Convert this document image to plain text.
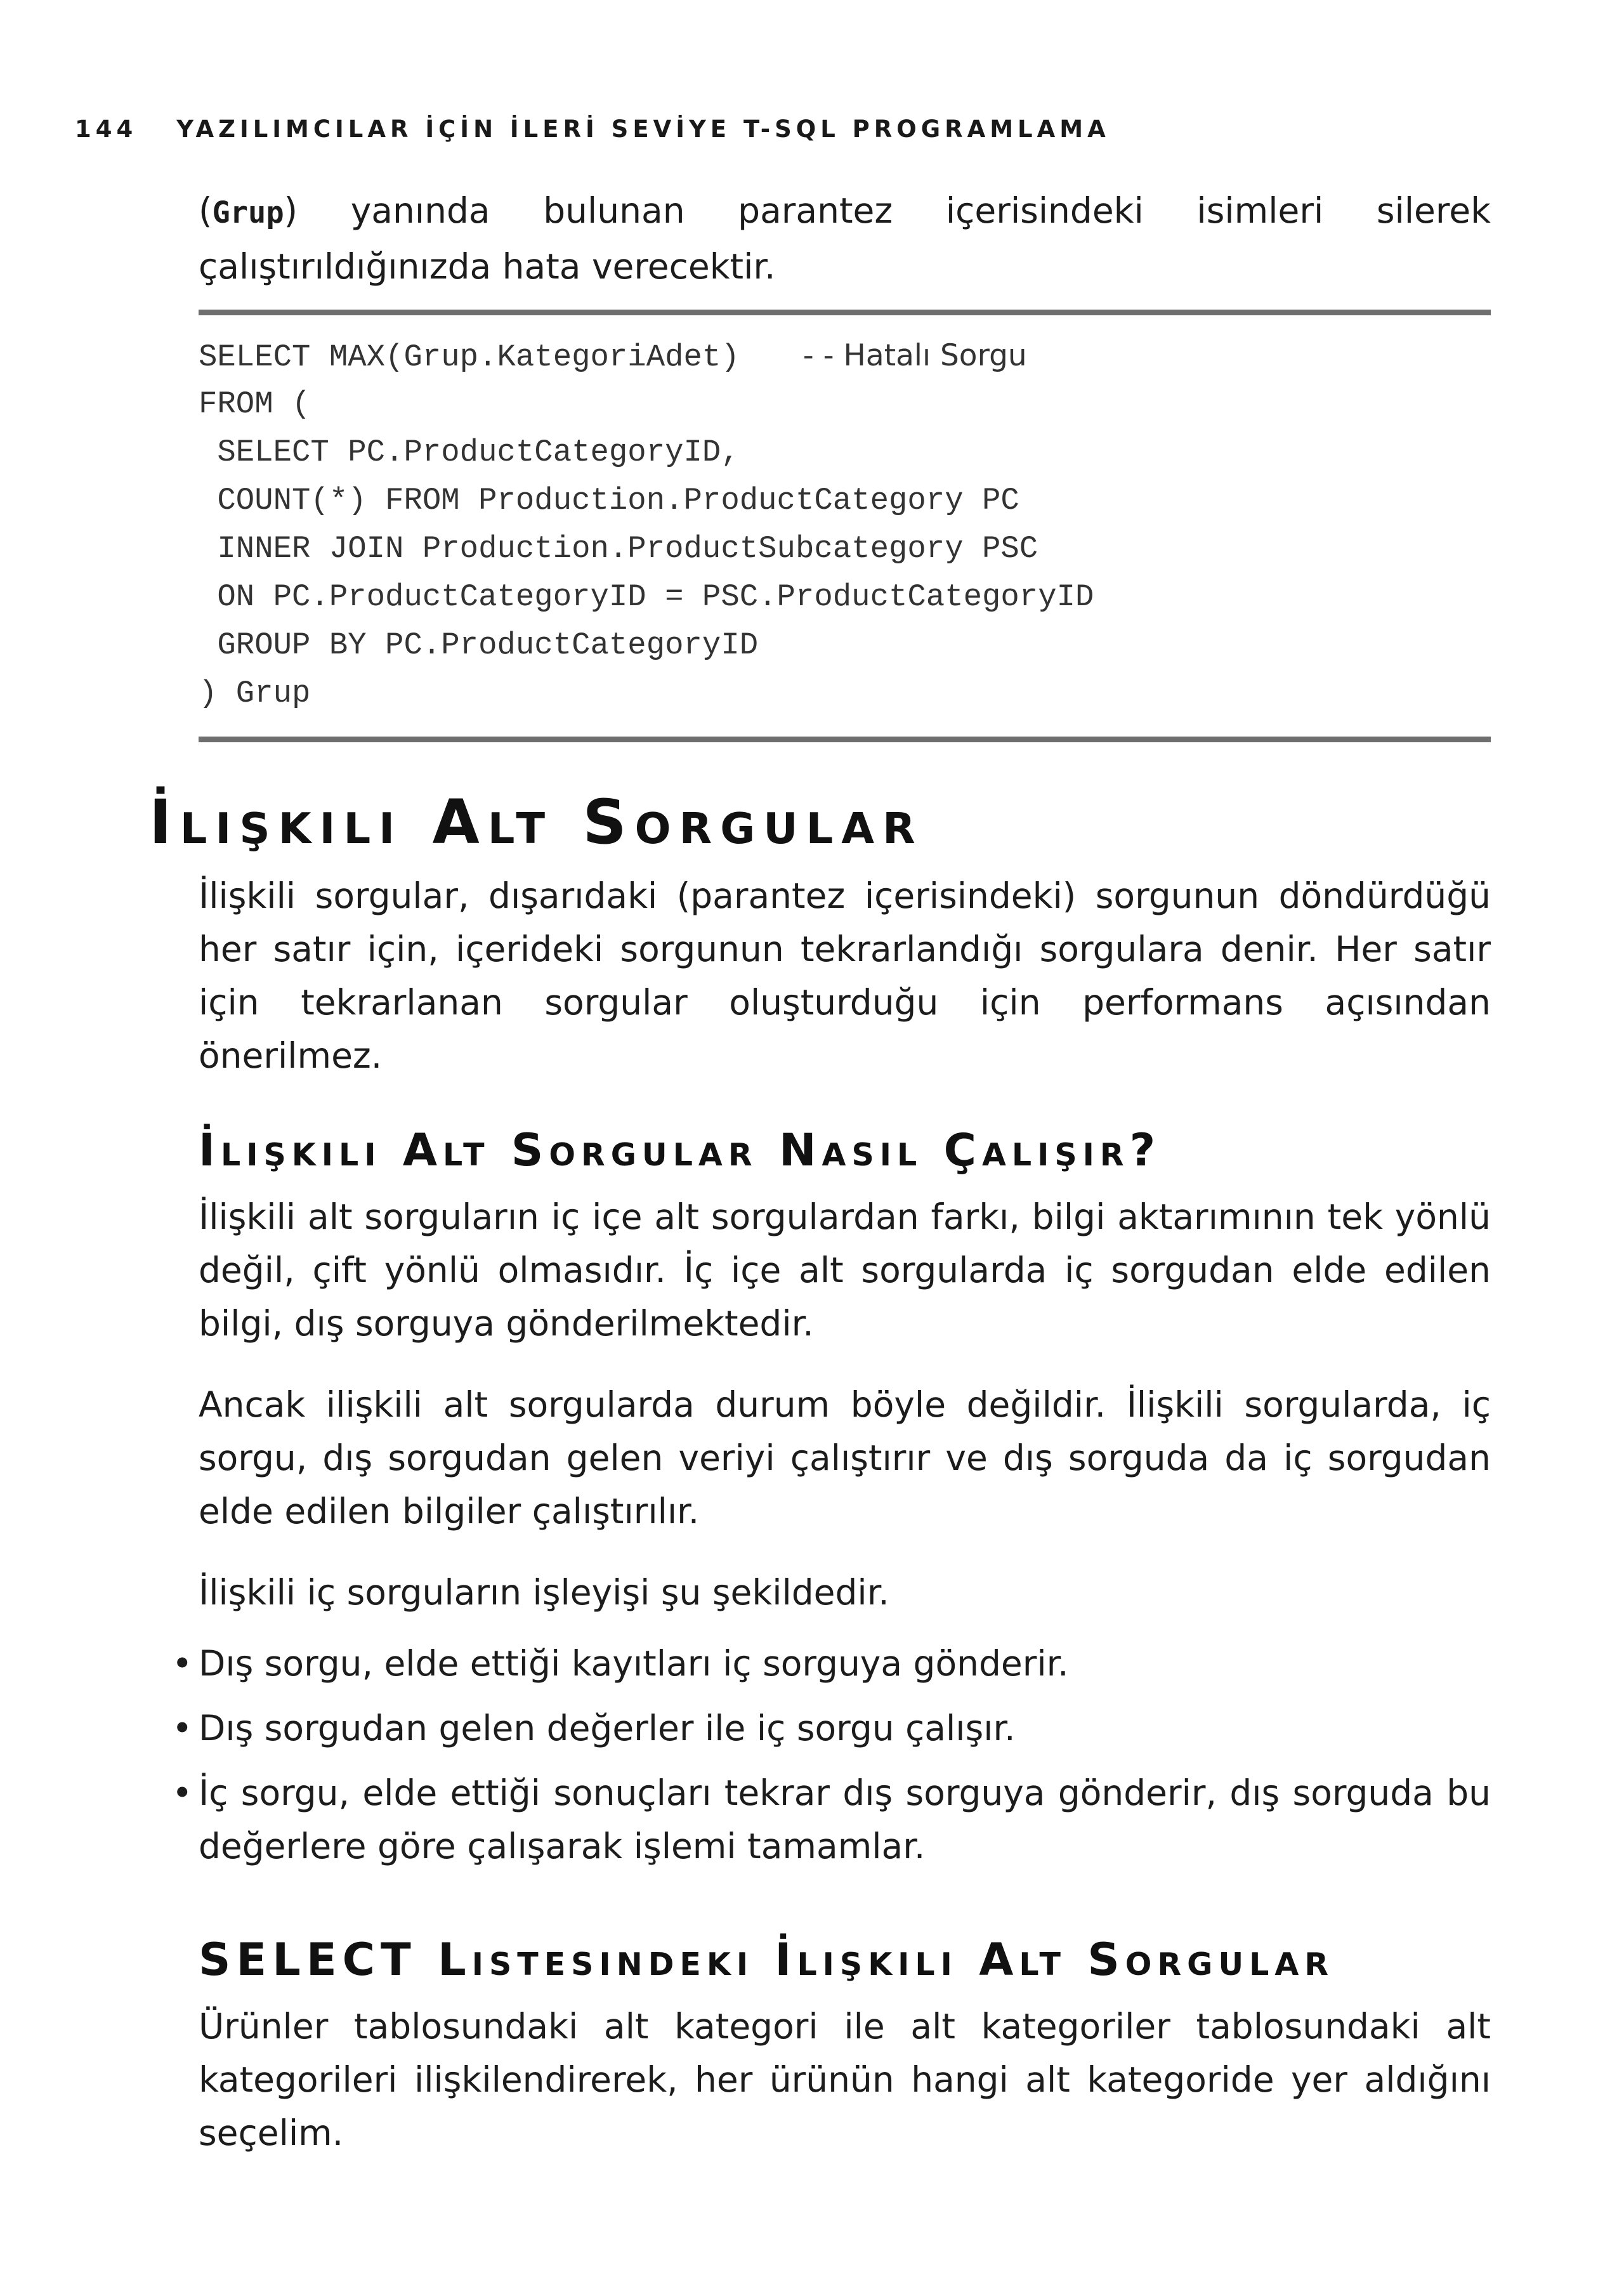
144 YAZILIMCILAR İÇİN İLERİ SEVİYE T-SQL PROGRAMLAMA

(Grup) yanında bulunan parantez içerisindeki isimleri silerek çalıştırıldığınızda hata verecektir.

SELECT MAX(Grup.KategoriAdet) - - Hatalı Sorgu
FROM (
SELECT PC.ProductCategoryID,
COUNT(*) FROM Production.ProductCategory PC
INNER JOIN Production.ProductSubcategory PSC
ON PC.ProductCategoryID = PSC.ProductCategoryID
GROUP BY PC.ProductCategoryID
) Grup

İlişkili sorgular, dışarıdaki (parantez içerisindeki) sorgunun döndürdüğü her satır için, içerideki sorgunun tekrarlandığı sorgulara denir. Her satır için tekrarlanan sorgular oluşturduğu için performans açısından önerilmez.

İlişkili Alt Sorgular Nasıl Çalışır?

İlişkili alt sorguların iç içe alt sorgulardan farkı, bilgi aktarımının tek yönlü değil, çift yönlü olmasıdır. İç içe alt sorgularda iç sorgudan elde edilen bilgi, dış sorguya gönderilmektedir.

Ancak ilişkili alt sorgularda durum böyle değildir. İlişkili sorgularda, iç sorgu, dış sorgudan gelen veriyi çalıştırır ve dış sorguda da iç sorgudan elde edilen bilgiler çalıştırılır.

İlişkili iç sorguların işleyişi şu şekildedir.

• Dış sorgu, elde ettiği kayıtları iç sorguya gönderir.

• Dış sorgudan gelen değerler ile iç sorgu çalışır.

• İç sorgu, elde ettiği sonuçları tekrar dış sorguya gönderir, dış sorguda bu değerlere göre çalışarak işlemi tamamlar.

SELECT Listesindeki İlişkili Alt Sorgular

Ürünler tablosundaki alt kategori ile alt kategoriler tablosundaki alt kategorileri ilişkilendirerek, her ürünün hangi alt kategoride yer aldığını seçelim.

İlişkili Alt Sorgular
